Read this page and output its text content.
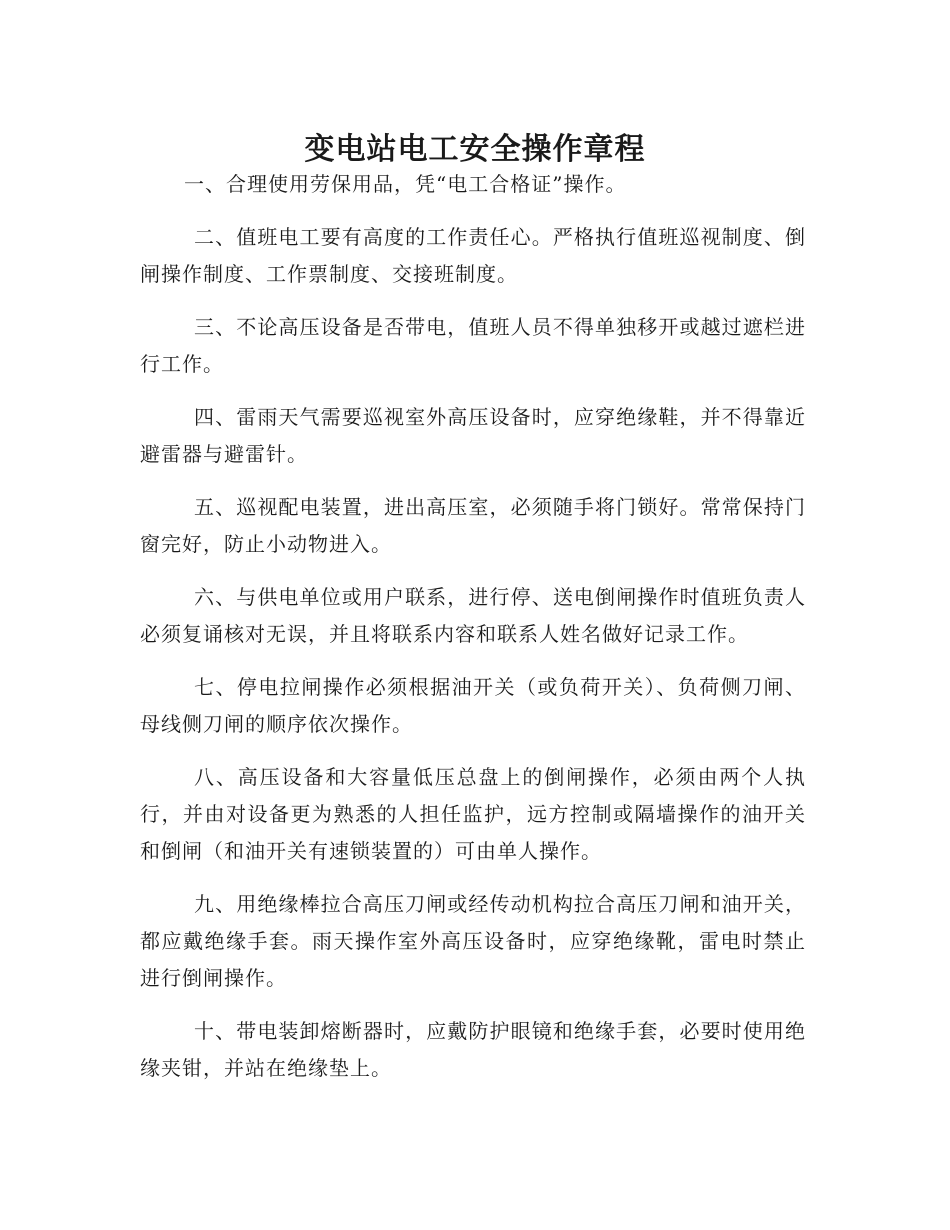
变电站电工安全操作章程

一、合理使用劳保用品，凭“电工合格证”操作。

二、值班电工要有高度的工作责任心。严格执行值班巡视制度、倒闸操作制度、工作票制度、交接班制度。

三、不论高压设备是否带电，值班人员不得单独移开或越过遮栏进行工作。

四、雷雨天气需要巡视室外高压设备时，应穿绝缘鞋，并不得靠近避雷器与避雷针。

五、巡视配电装置，进出高压室，必须随手将门锁好。常常保持门窗完好，防止小动物进入。

六、与供电单位或用户联系，进行停、送电倒闸操作时值班负责人必须复诵核对无误，并且将联系内容和联系人姓名做好记录工作。

七、停电拉闸操作必须根据油开关（或负荷开关）、负荷侧刀闸、母线侧刀闸的顺序依次操作。

八、高压设备和大容量低压总盘上的倒闸操作，必须由两个人执行，并由对设备更为熟悉的人担任监护，远方控制或隔墙操作的油开关和倒闸（和油开关有速锁装置的）可由单人操作。

九、用绝缘棒拉合高压刀闸或经传动机构拉合高压刀闸和油开关，都应戴绝缘手套。雨天操作室外高压设备时，应穿绝缘靴，雷电时禁止进行倒闸操作。

十、带电装卸熔断器时，应戴防护眼镜和绝缘手套，必要时使用绝缘夹钳，并站在绝缘垫上。
